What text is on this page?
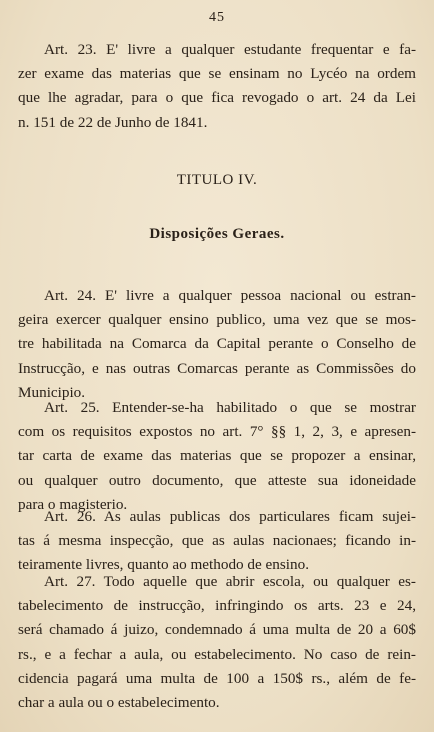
45

Art. 23. E' livre a qualquer estudante frequentar e fa-
zer exame das materias que se ensinam no Lycéo na ordem
que lhe agradar, para o que fica revogado o art. 24 da Lei
n. 151 de 22 de Junho de 1841.

TITULO IV.
Disposições Geraes.

Art. 24. E' livre a qualquer pessoa nacional ou estran-
geira exercer qualquer ensino publico, uma vez que se mos-
tre habilitada na Comarca da Capital perante o Conselho de
Instrucção, e nas outras Comarcas perante as Commissões do
Municipio.

Art. 25. Entender-se-ha habilitado o que se mostrar
com os requisitos expostos no art. 7° §§ 1, 2, 3, e apresen-
tar carta de exame das materias que se propozer a ensinar,
ou qualquer outro documento, que atteste sua idoneidade
para o magisterio.

Art. 26. As aulas publicas dos particulares ficam sujei-
tas á mesma inspecção, que as aulas nacionaes; ficando in-
teiramente livres, quanto ao methodo de ensino.

Art. 27. Todo aquelle que abrir escola, ou qualquer es-
tabelecimento de instrucção, infringindo os arts. 23 e 24,
será chamado á juizo, condemnado á uma multa de 20 a 60$
rs., e a fechar a aula, ou estabelecimento. No caso de rein-
cidencia pagará uma multa de 100 a 150$ rs., além de fe-
char a aula ou o estabelecimento.
